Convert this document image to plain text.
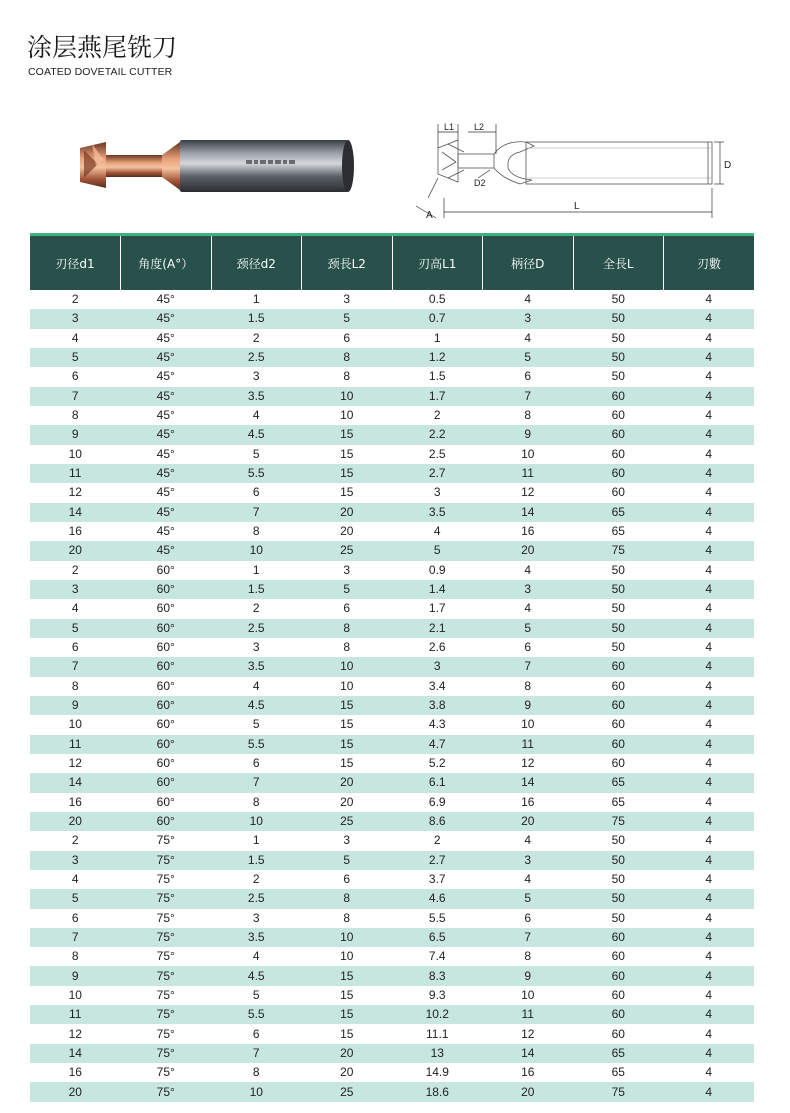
涂层燕尾铣刀
COATED DOVETAIL CUTTER
L1 L2
D
D2
L
A
刃径d1	角度(A°）	颈径d2	颈長L2	刃高L1	柄径D	全長L	刃數
2	45°	1	3	0.5	4	50	4
3	45°	1.5	5	0.7	3	50	4
4	45°	2	6	1	4	50	4
5	45°	2.5	8	1.2	5	50	4
6	45°	3	8	1.5	6	50	4
7	45°	3.5	10	1.7	7	60	4
8	45°	4	10	2	8	60	4
9	45°	4.5	15	2.2	9	60	4
10	45°	5	15	2.5	10	60	4
11	45°	5.5	15	2.7	11	60	4
12	45°	6	15	3	12	60	4
14	45°	7	20	3.5	14	65	4
16	45°	8	20	4	16	65	4
20	45°	10	25	5	20	75	4
2	60°	1	3	0.9	4	50	4
3	60°	1.5	5	1.4	3	50	4
4	60°	2	6	1.7	4	50	4
5	60°	2.5	8	2.1	5	50	4
6	60°	3	8	2.6	6	50	4
7	60°	3.5	10	3	7	60	4
8	60°	4	10	3.4	8	60	4
9	60°	4.5	15	3.8	9	60	4
10	60°	5	15	4.3	10	60	4
11	60°	5.5	15	4.7	11	60	4
12	60°	6	15	5.2	12	60	4
14	60°	7	20	6.1	14	65	4
16	60°	8	20	6.9	16	65	4
20	60°	10	25	8.6	20	75	4
2	75°	1	3	2	4	50	4
3	75°	1.5	5	2.7	3	50	4
4	75°	2	6	3.7	4	50	4
5	75°	2.5	8	4.6	5	50	4
6	75°	3	8	5.5	6	50	4
7	75°	3.5	10	6.5	7	60	4
8	75°	4	10	7.4	8	60	4
9	75°	4.5	15	8.3	9	60	4
10	75°	5	15	9.3	10	60	4
11	75°	5.5	15	10.2	11	60	4
12	75°	6	15	11.1	12	60	4
14	75°	7	20	13	14	65	4
16	75°	8	20	14.9	16	65	4
20	75°	10	25	18.6	20	75	4
